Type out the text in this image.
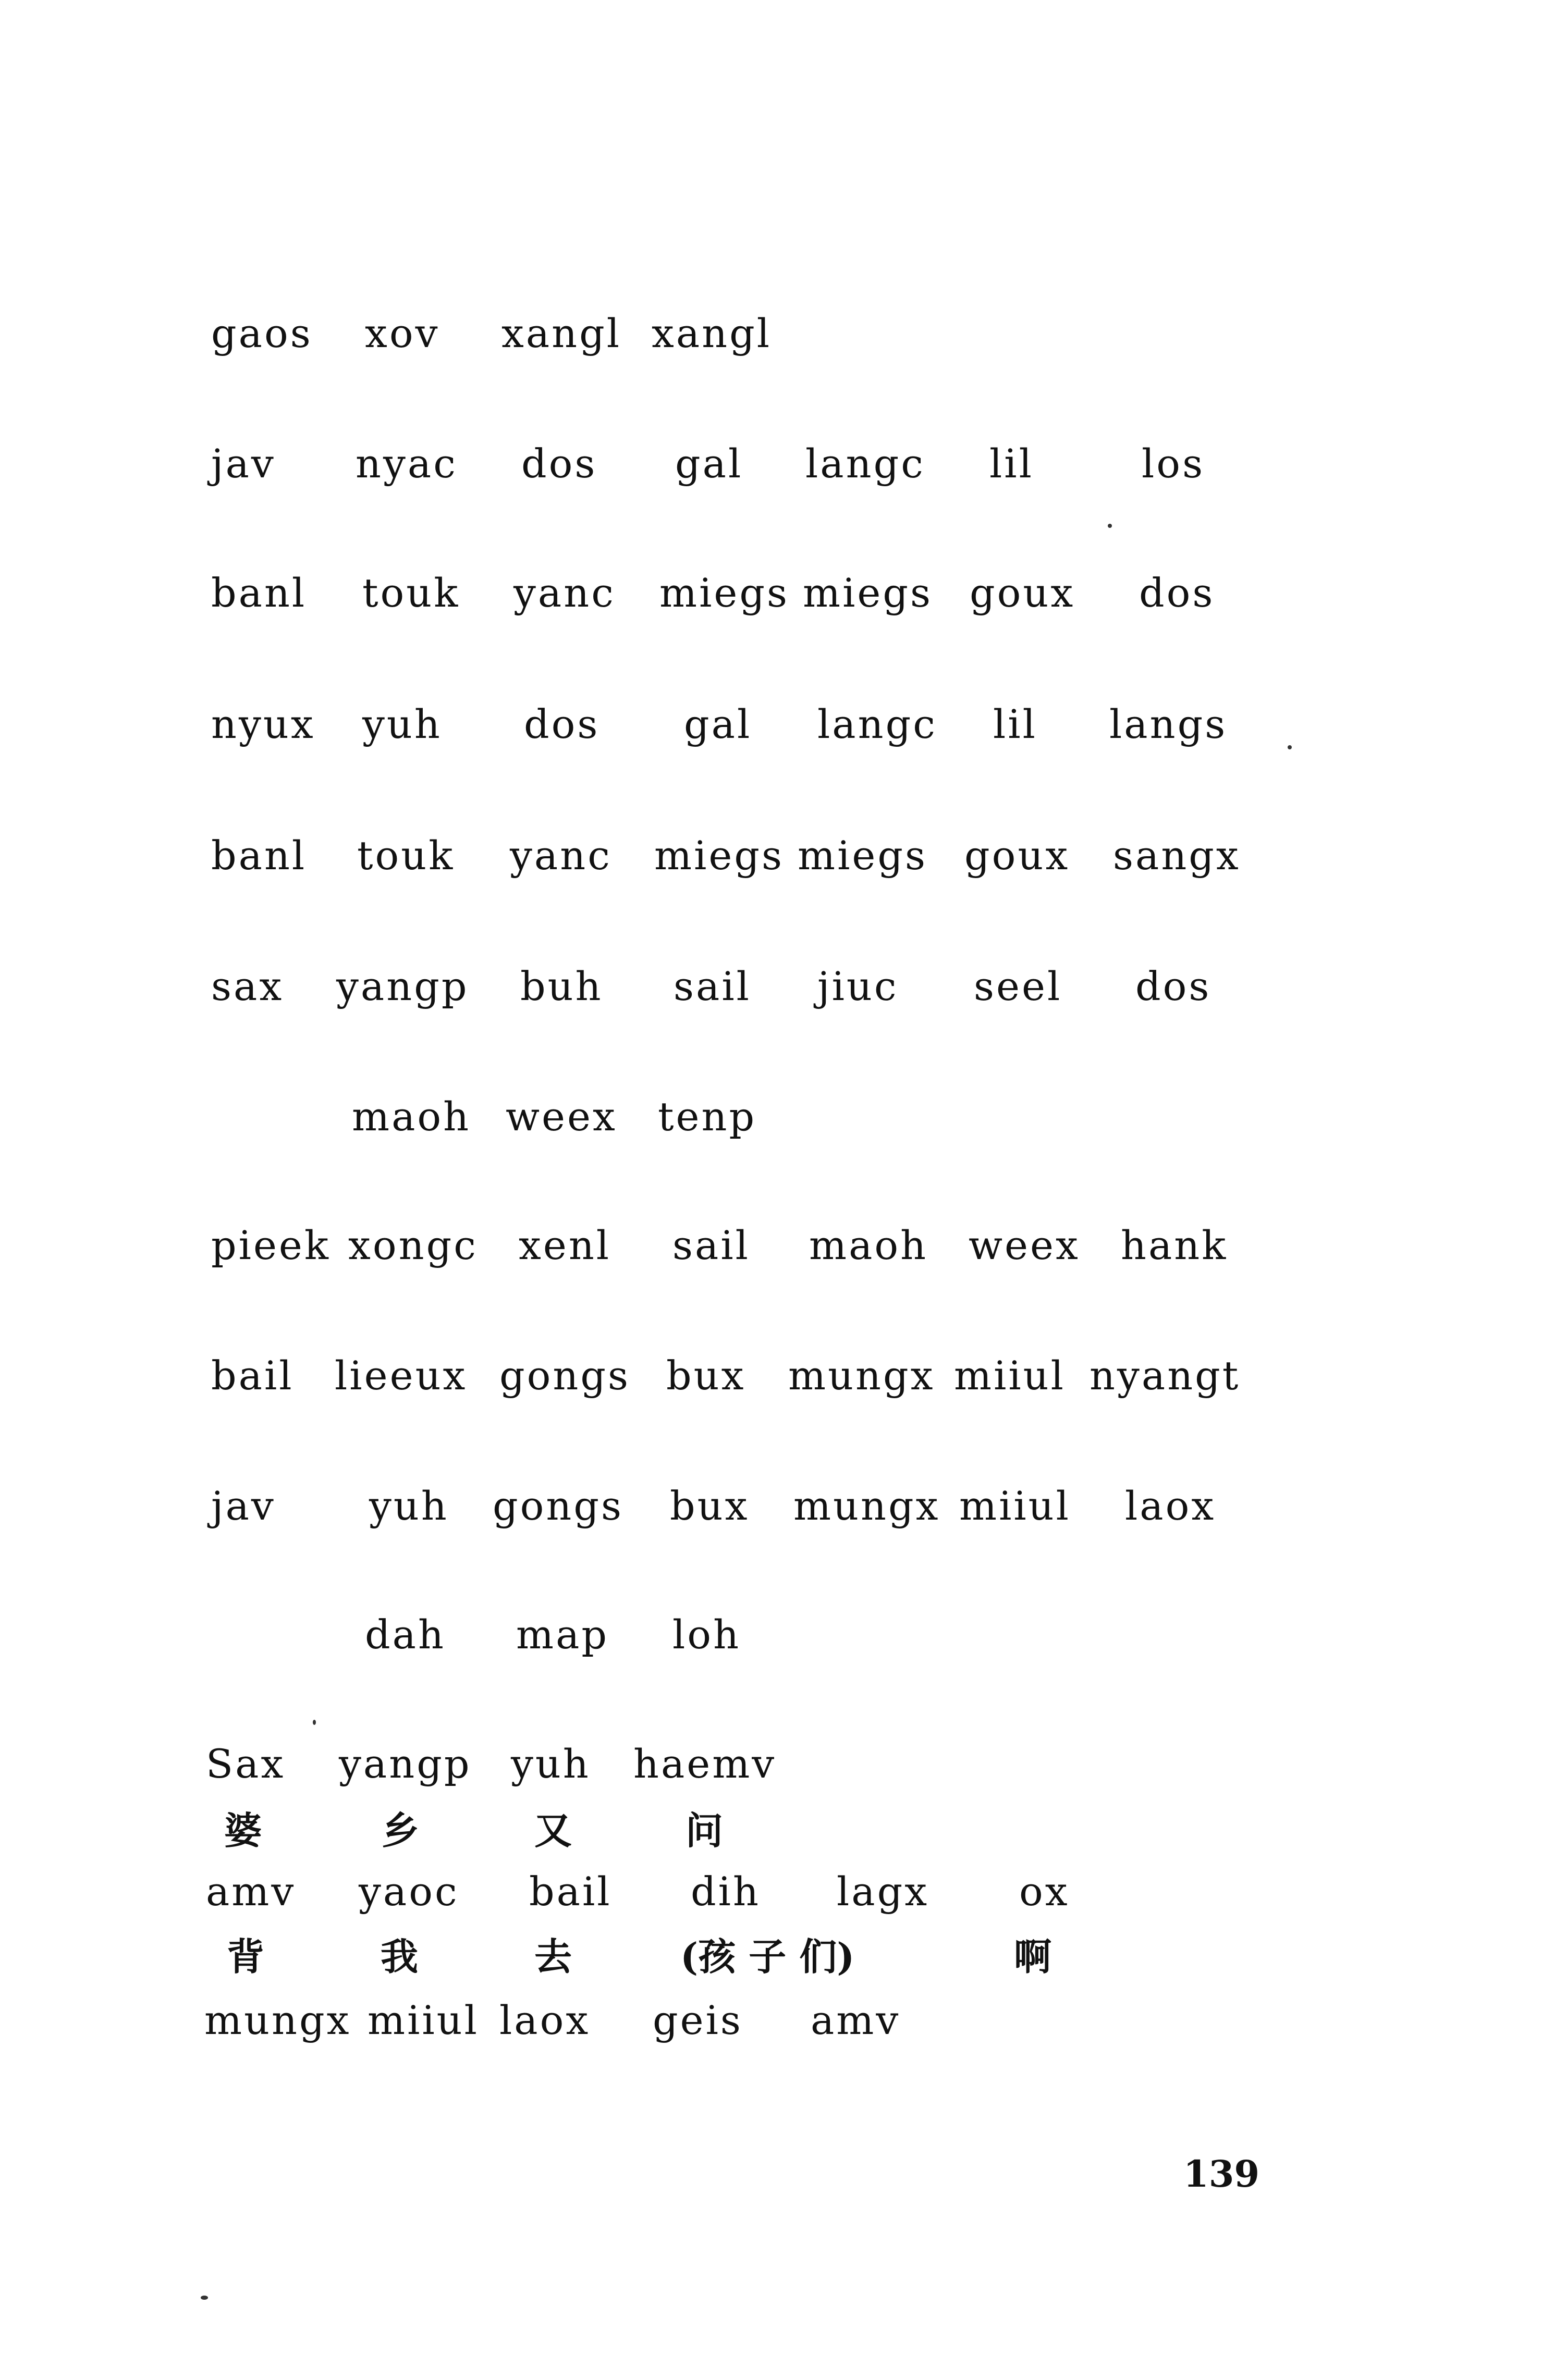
gaos xov xangl xangl
jav nyac dos gal langc lil	los
banl touk yanc miegs miegs goux dos
nyux yuh dos gal langc lil langs
banl touk yanc miegs miegs goux sangx
sax yangp buh sail jiuc seel dos
maoh weex tenp
pieek xongc xenl sail maoh weex hank
bail lieeux gongs bux mungx miiul nyangt
jav yuh gongs bux mungx miiul laox
dah map loh
Sax yangp yuh haemv
婆	乡	又	问
amv yaoc bail dih lagx ox
背	我	去	(孩 子 们)	啊
mungx miiul laox geis amv
139
